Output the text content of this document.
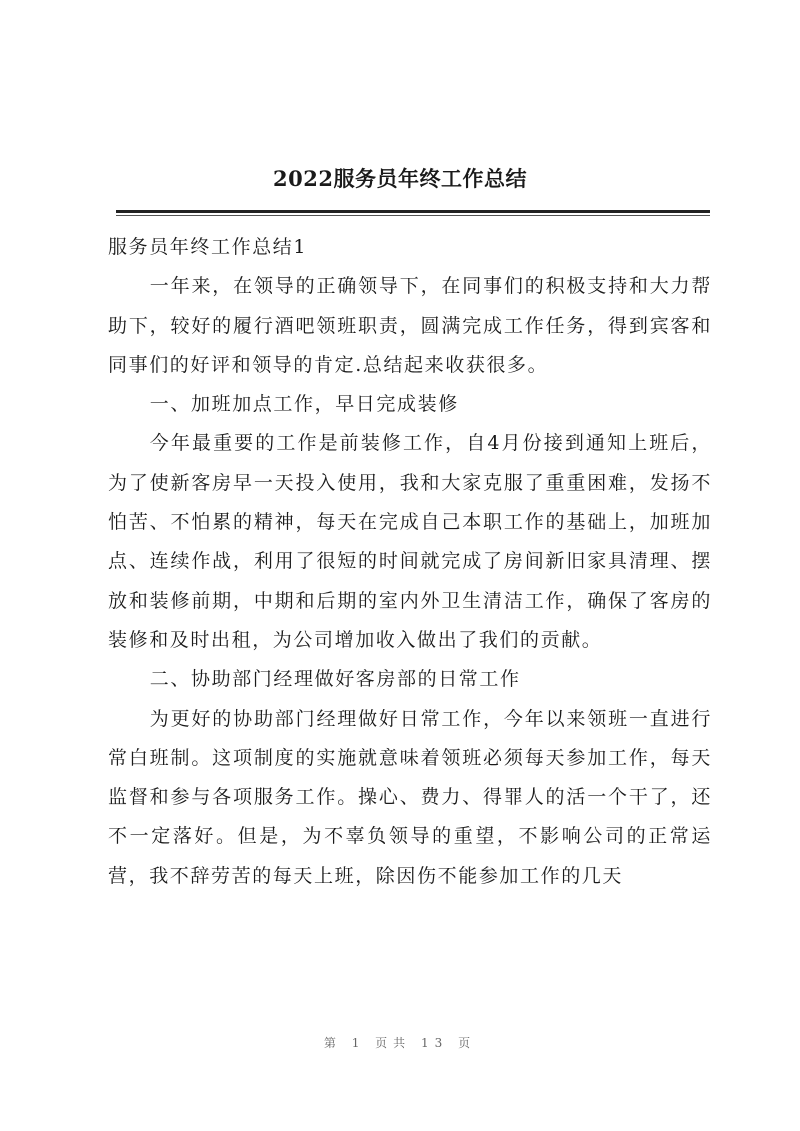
2022服务员年终工作总结

服务员年终工作总结1

一年来，在领导的正确领导下，在同事们的积极支持和大力帮助下，较好的履行酒吧领班职责，圆满完成工作任务，得到宾客和同事们的好评和领导的肯定.总结起来收获很多。

一、加班加点工作，早日完成装修

今年最重要的工作是前装修工作，自4月份接到通知上班后，为了使新客房早一天投入使用，我和大家克服了重重困难，发扬不怕苦、不怕累的精神，每天在完成自己本职工作的基础上，加班加点、连续作战，利用了很短的时间就完成了房间新旧家具清理、摆放和装修前期，中期和后期的室内外卫生清洁工作，确保了客房的装修和及时出租，为公司增加收入做出了我们的贡献。

二、协助部门经理做好客房部的日常工作

为更好的协助部门经理做好日常工作，今年以来领班一直进行常白班制。这项制度的实施就意味着领班必须每天参加工作，每天监督和参与各项服务工作。操心、费力、得罪人的活一个干了，还不一定落好。但是，为不辜负领导的重望，不影响公司的正常运营，我不辞劳苦的每天上班，除因伤不能参加工作的几天

第 1 页共 13 页
